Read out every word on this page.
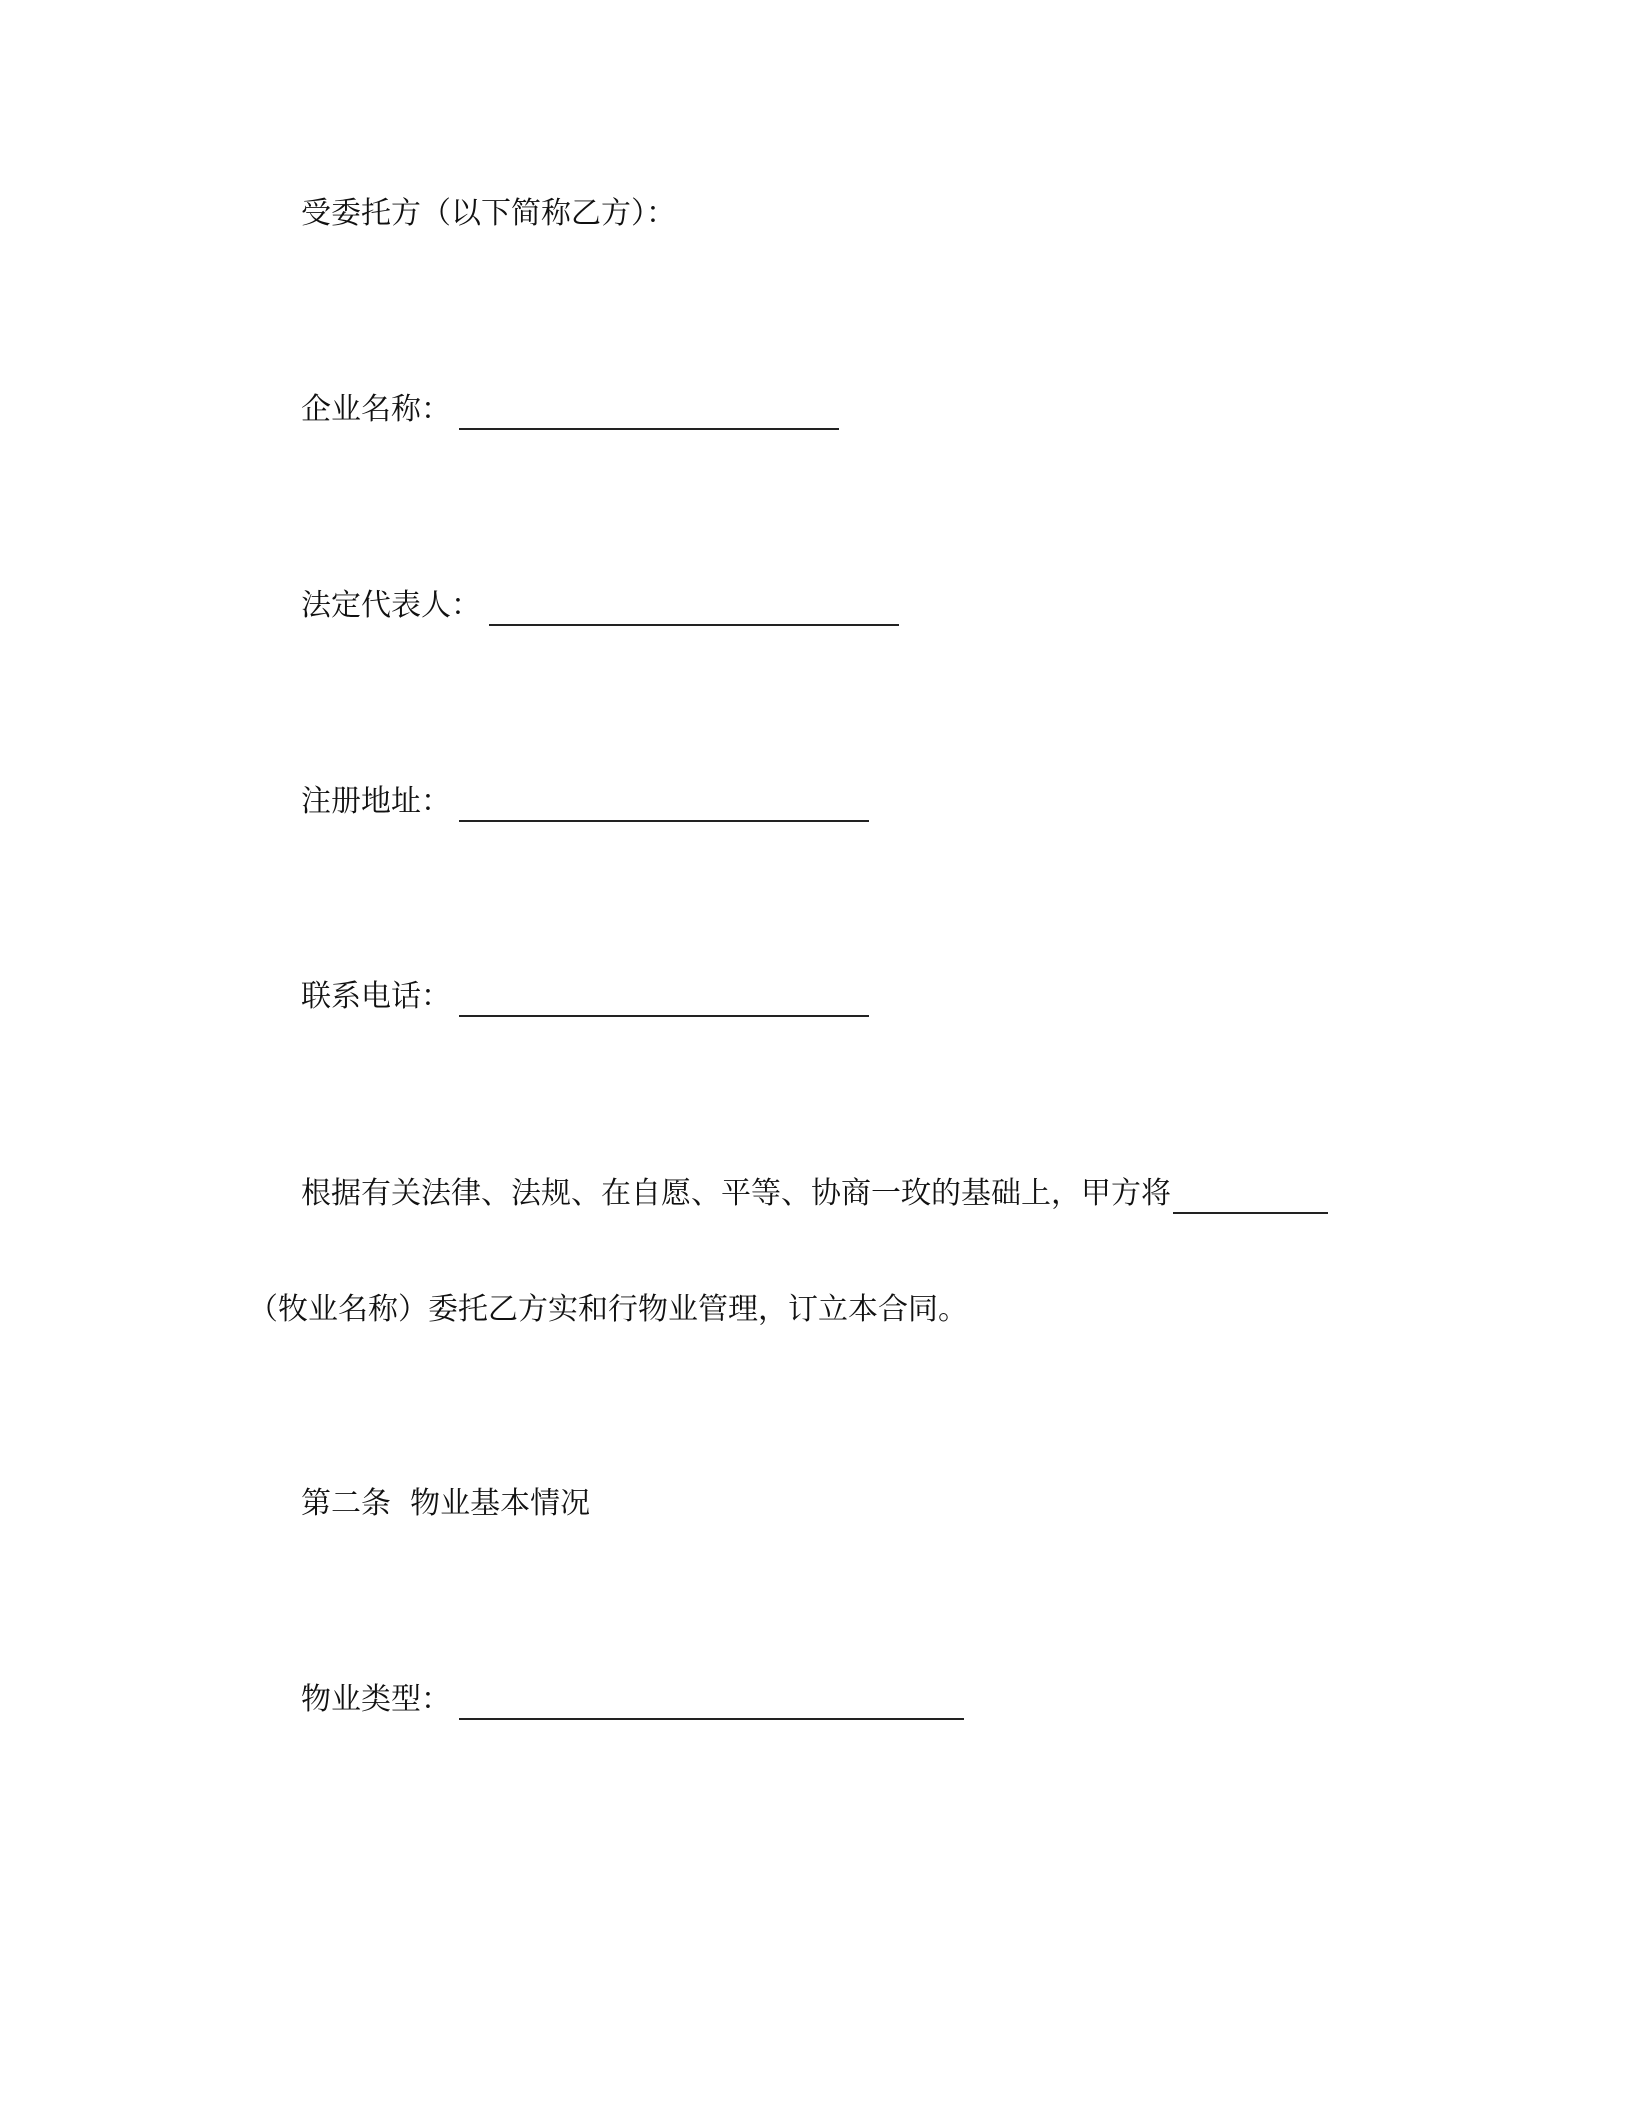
受委托方（以下简称乙方）：
企业名称：
法定代表人：
注册地址：
联系电话：
根据有关法律、法规、在自愿、平等、协商一玫的基础上，甲方将
（牧业名称）委托乙方实和行物业管理，订立本合同。
第二条  物业基本情况
物业类型：
